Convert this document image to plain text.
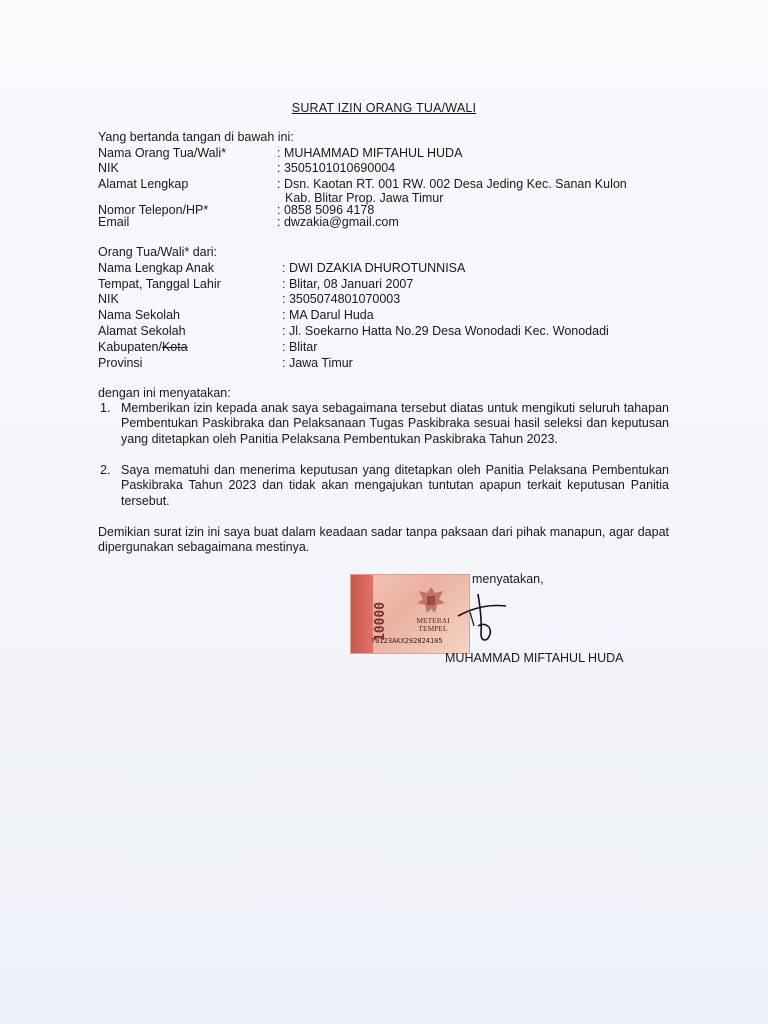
SURAT IZIN ORANG TUA/WALI
Yang bertanda tangan di bawah ini:
Nama Orang Tua/Wali*	: MUHAMMAD MIFTAHUL HUDA
NIK	: 3505101010690004
Alamat Lengkap	: Dsn. Kaotan RT. 001 RW. 002 Desa Jeding Kec. Sanan Kulon
Kab. Blitar Prop. Jawa Timur
Nomor Telepon/HP*	: 0858 5096 4178
Email	: dwzakia@gmail.com
Orang Tua/Wali* dari:
Nama Lengkap Anak	: DWI DZAKIA DHUROTUNNISA
Tempat, Tanggal Lahir	: Blitar, 08 Januari 2007
NIK	: 3505074801070003
Nama Sekolah	: MA Darul Huda
Alamat Sekolah	: Jl. Soekarno Hatta No.29 Desa Wonodadi Kec. Wonodadi
Kabupaten/Kota	: Blitar
Provinsi	: Jawa Timur
dengan ini menyatakan:
1. Memberikan izin kepada anak saya sebagaimana tersebut diatas untuk mengikuti seluruh tahapan Pembentukan Paskibraka dan Pelaksanaan Tugas Paskibraka sesuai hasil seleksi dan keputusan yang ditetapkan oleh Panitia Pelaksana Pembentukan Paskibraka Tahun 2023.
2. Saya mematuhi dan menerima keputusan yang ditetapkan oleh Panitia Pelaksana Pembentukan Paskibraka Tahun 2023 dan tidak akan mengajukan tuntutan apapun terkait keputusan Panitia tersebut.
Demikian surat izin ini saya buat dalam keadaan sadar tanpa paksaan dari pihak manapun, agar dapat dipergunakan sebagaimana mestinya.
menyatakan,
10000	METERAI
TEMPEL
70123AKX292824105
MUHAMMAD MIFTAHUL HUDA
